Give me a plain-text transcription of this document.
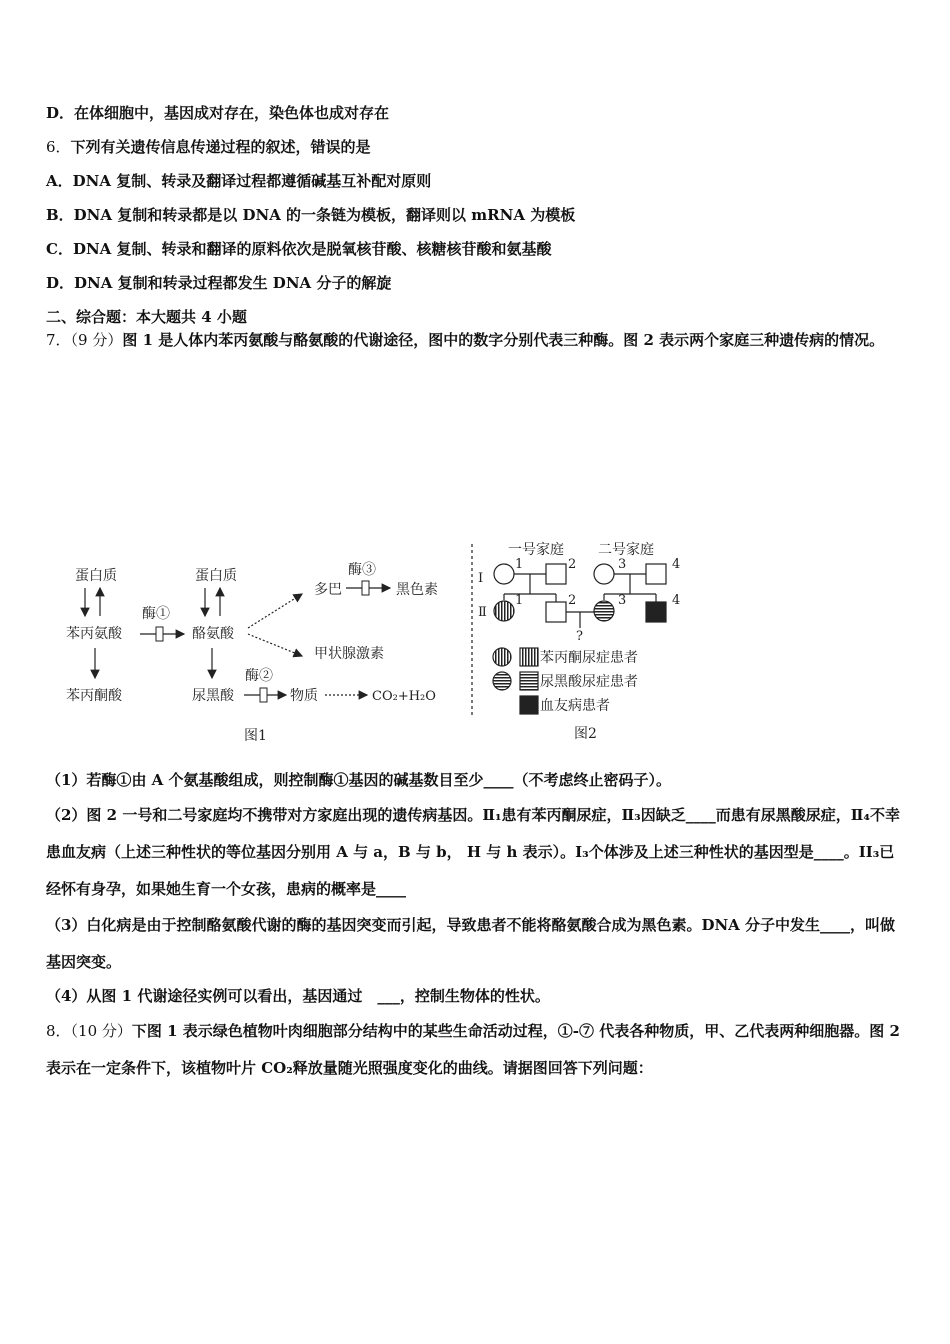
D．在体细胞中，基因成对存在，染色体也成对存在
6．下列有关遗传信息传递过程的叙述，错误的是
A．DNA 复制、转录及翻译过程都遵循碱基互补配对原则
B．DNA 复制和转录都是以 DNA 的一条链为模板，翻译则以 mRNA 为模板
C．DNA 复制、转录和翻译的原料依次是脱氧核苷酸、核糖核苷酸和氨基酸
D．DNA 复制和转录过程都发生 DNA 分子的解旋
二、综合题：本大题共 4 小题
7．（9 分）图 1 是人体内苯丙氨酸与酪氨酸的代谢途径，图中的数字分别代表三种酶。图 2 表示两个家庭三种遗传病的情况。
蛋白质	蛋白质
苯丙氨酸	酪氨酸
酶①
苯丙酮酸	尿黑酸
酶②
物质	CO₂+H₂O
多巴
酶③
黑色素
甲状腺激素
图1
一号家庭 二号家庭
Ⅰ
Ⅱ
1	2
1	2
3	4
3	4
?
苯丙酮尿症患者
尿黑酸尿症患者
血友病患者
图2
（1）若酶①由 A 个氨基酸组成，则控制酶①基因的碱基数目至少____（不考虑终止密码子）。
（2）图 2 一号和二号家庭均不携带对方家庭出现的遗传病基因。Ⅱ₁患有苯丙酮尿症，Ⅱ₃因缺乏____而患有尿黑酸尿症，Ⅱ₄不幸患血友病（上述三种性状的等位基因分别用 A 与 a，B 与 b， H 与 h 表示）。I₃个体涉及上述三种性状的基因型是____。II₃已经怀有身孕，如果她生育一个女孩，患病的概率是____
（3）白化病是由于控制酪氨酸代谢的酶的基因突变而引起，导致患者不能将酪氨酸合成为黑色素。DNA 分子中发生____，叫做基因突变。
（4）从图 1 代谢途径实例可以看出，基因通过　___，控制生物体的性状。
8．（10 分）下图 1 表示绿色植物叶肉细胞部分结构中的某些生命活动过程，①-⑦ 代表各种物质，甲、乙代表两种细胞器。图 2 表示在一定条件下，该植物叶片 CO₂释放量随光照强度变化的曲线。请据图回答下列问题：
